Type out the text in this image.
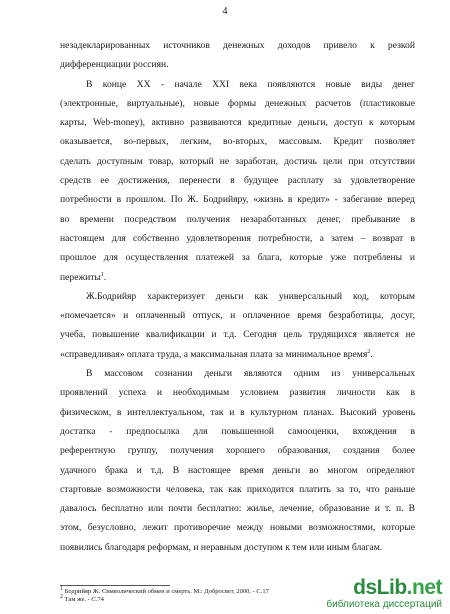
4
незадекларированных источников денежных доходов привело к резкой
дифференциации россиян.
В конце XX - начале XXI века появляются новые виды денег
(электронные, виртуальные), новые формы денежных расчетов (пластиковые
карты, Web-money), активно развиваются кредитные деньги, доступ к которым
оказывается, во-первых, легким, во-вторых, массовым. Кредит позволяет
сделать доступным товар, который не заработан, достичь цели при отсутствии
средств ее достижения, перенести в будущее расплату за удовлетворение
потребности в прошлом. По Ж. Бодрийяру, «жизнь в кредит» - забегание вперед
во времени посредством получения незаработанных денег, пребывание в
настоящем для собственно удовлетворения потребности, а затем – возврат в
прошлое для осуществления платежей за блага, которые уже потреблены и
пережиты$^1$.
Ж.Бодрийяр характеризует деньги как универсальный код, которым
«помечается» и оплаченный отпуск, и оплаченное время безработицы, досуг,
учеба, повышение квалификации и т.д. Сегодня цель трудящихся является не
«справедливая» оплата труда, а максимальная плата за минимальное время$^2$.
В массовом сознании деньги являются одним из универсальных
проявлений успеха и необходимым условием развития личности как в
физическом, в интеллектуальном, так и в культурном планах. Высокий уровень
достатка - предпосылка для повышенной самооценки, вхождения в
референтную группу, получения хорошего образования, создания более
удачного брака и т.д. В настоящее время деньги во многом определяют
стартовые возможности человека, так как приходится платить за то, что раньше
давалось бесплатно или почти бесплатно: жилье, лечение, образование и т. п. В
этом, безусловно, лежит противоречие между новыми возможностями, которые
появились благодаря реформам, и неравным доступом к тем или иным благам.
1 Бодрийяр Ж. Символический обмен и смерть. М.: Добросвет, 2000. - С.17
2 Там же. - С.74
dsLib.net
библиотека диссертаций
